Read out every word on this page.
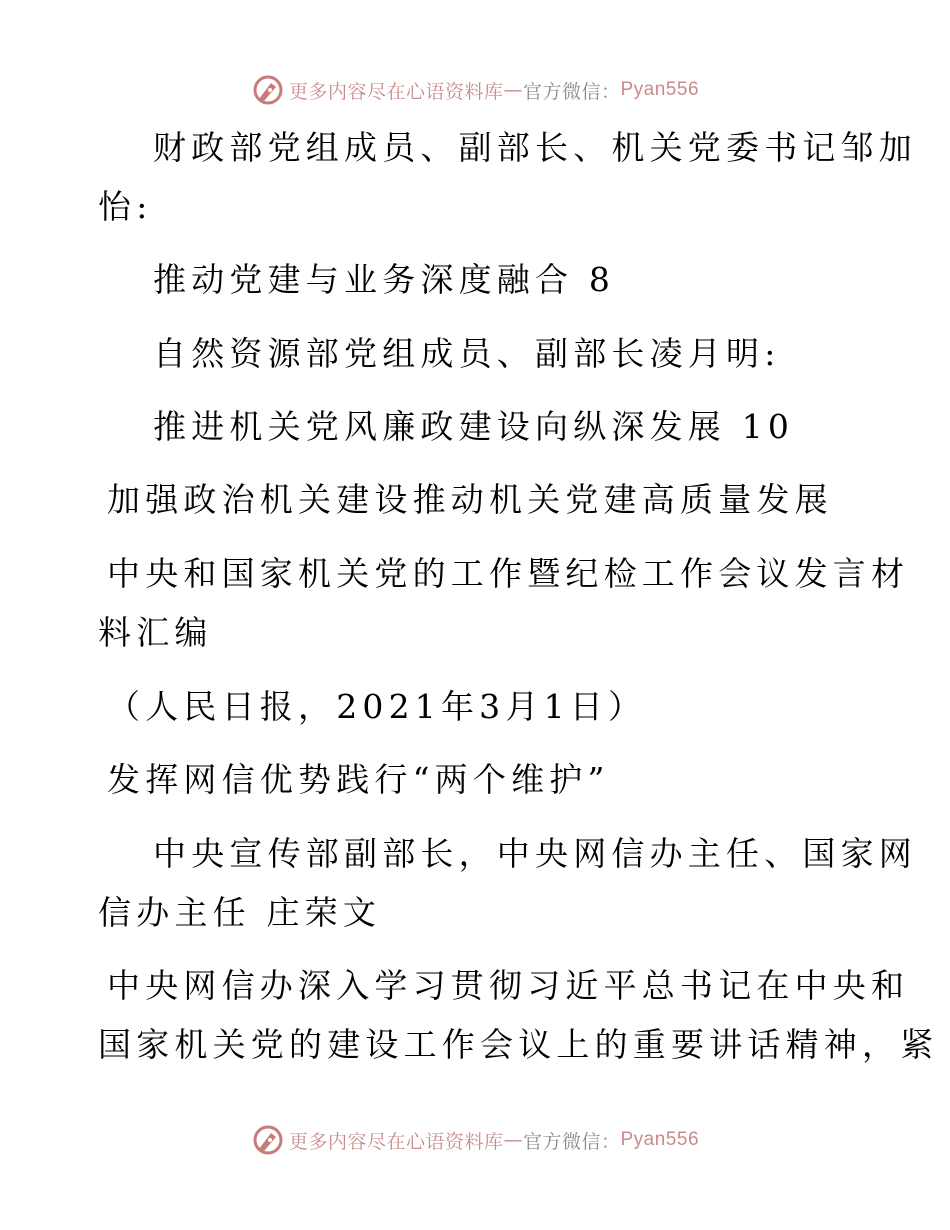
更多内容尽在心语资料库 — 官方微信： Pyan556
财政部党组成员、副部长、机关党委书记邹加
怡:
推动党建与业务深度融合 8
自然资源部党组成员、副部长凌月明:
推进机关党风廉政建设向纵深发展 10
加强政治机关建设推动机关党建高质量发展
中央和国家机关党的工作暨纪检工作会议发言材
料汇编
（人民日报，2021年3月1日）
发挥网信优势践行“两个维护”
中央宣传部副部长，中央网信办主任、国家网
信办主任 庄荣文
中央网信办深入学习贯彻习近平总书记在中央和
国家机关党的建设工作会议上的重要讲话精神，紧
更多内容尽在心语资料库 — 官方微信： Pyan556
